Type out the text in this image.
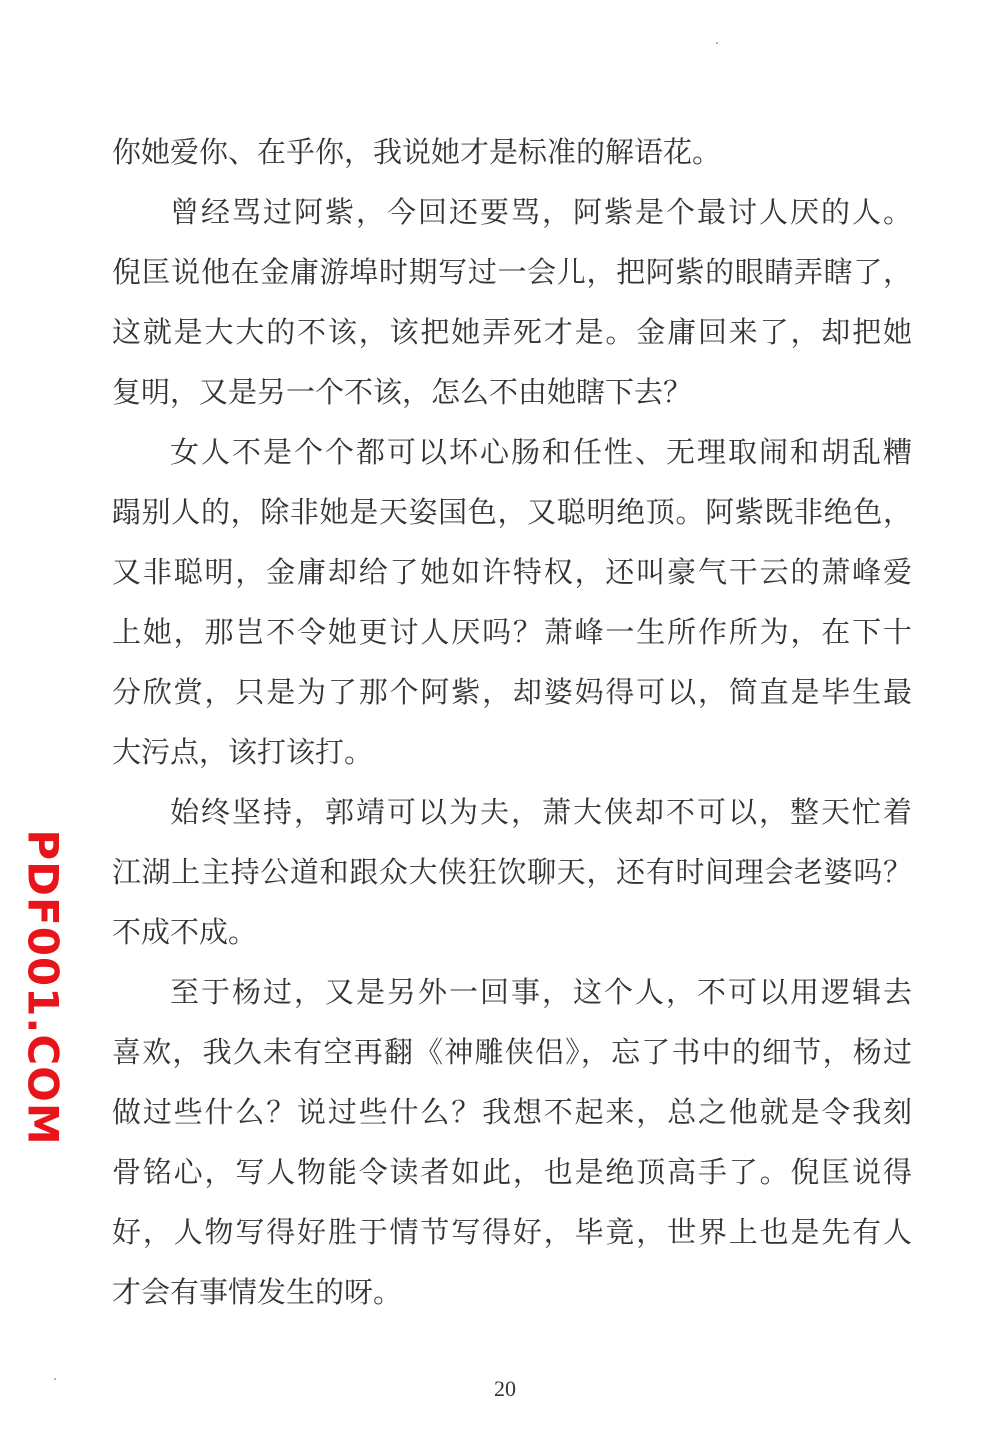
你她爱你、在乎你，我说她才是标准的解语花。
曾经骂过阿紫，今回还要骂，阿紫是个最讨人厌的人。
倪匡说他在金庸游埠时期写过一会儿，把阿紫的眼睛弄瞎了，
这就是大大的不该，该把她弄死才是。金庸回来了，却把她
复明，又是另一个不该，怎么不由她瞎下去？
女人不是个个都可以坏心肠和任性、无理取闹和胡乱糟
蹋别人的，除非她是天姿国色，又聪明绝顶。阿紫既非绝色，
又非聪明，金庸却给了她如许特权，还叫豪气干云的萧峰爱
上她，那岂不令她更讨人厌吗？萧峰一生所作所为，在下十
分欣赏，只是为了那个阿紫，却婆妈得可以，简直是毕生最
大污点，该打该打。
始终坚持，郭靖可以为夫，萧大侠却不可以，整天忙着
江湖上主持公道和跟众大侠狂饮聊天，还有时间理会老婆吗？
不成不成。
至于杨过，又是另外一回事，这个人，不可以用逻辑去
喜欢，我久未有空再翻《神雕侠侣》，忘了书中的细节，杨过
做过些什么？说过些什么？我想不起来，总之他就是令我刻
骨铭心，写人物能令读者如此，也是绝顶高手了。倪匡说得
好，人物写得好胜于情节写得好，毕竟，世界上也是先有人
才会有事情发生的呀。
PDF001.COM
20
